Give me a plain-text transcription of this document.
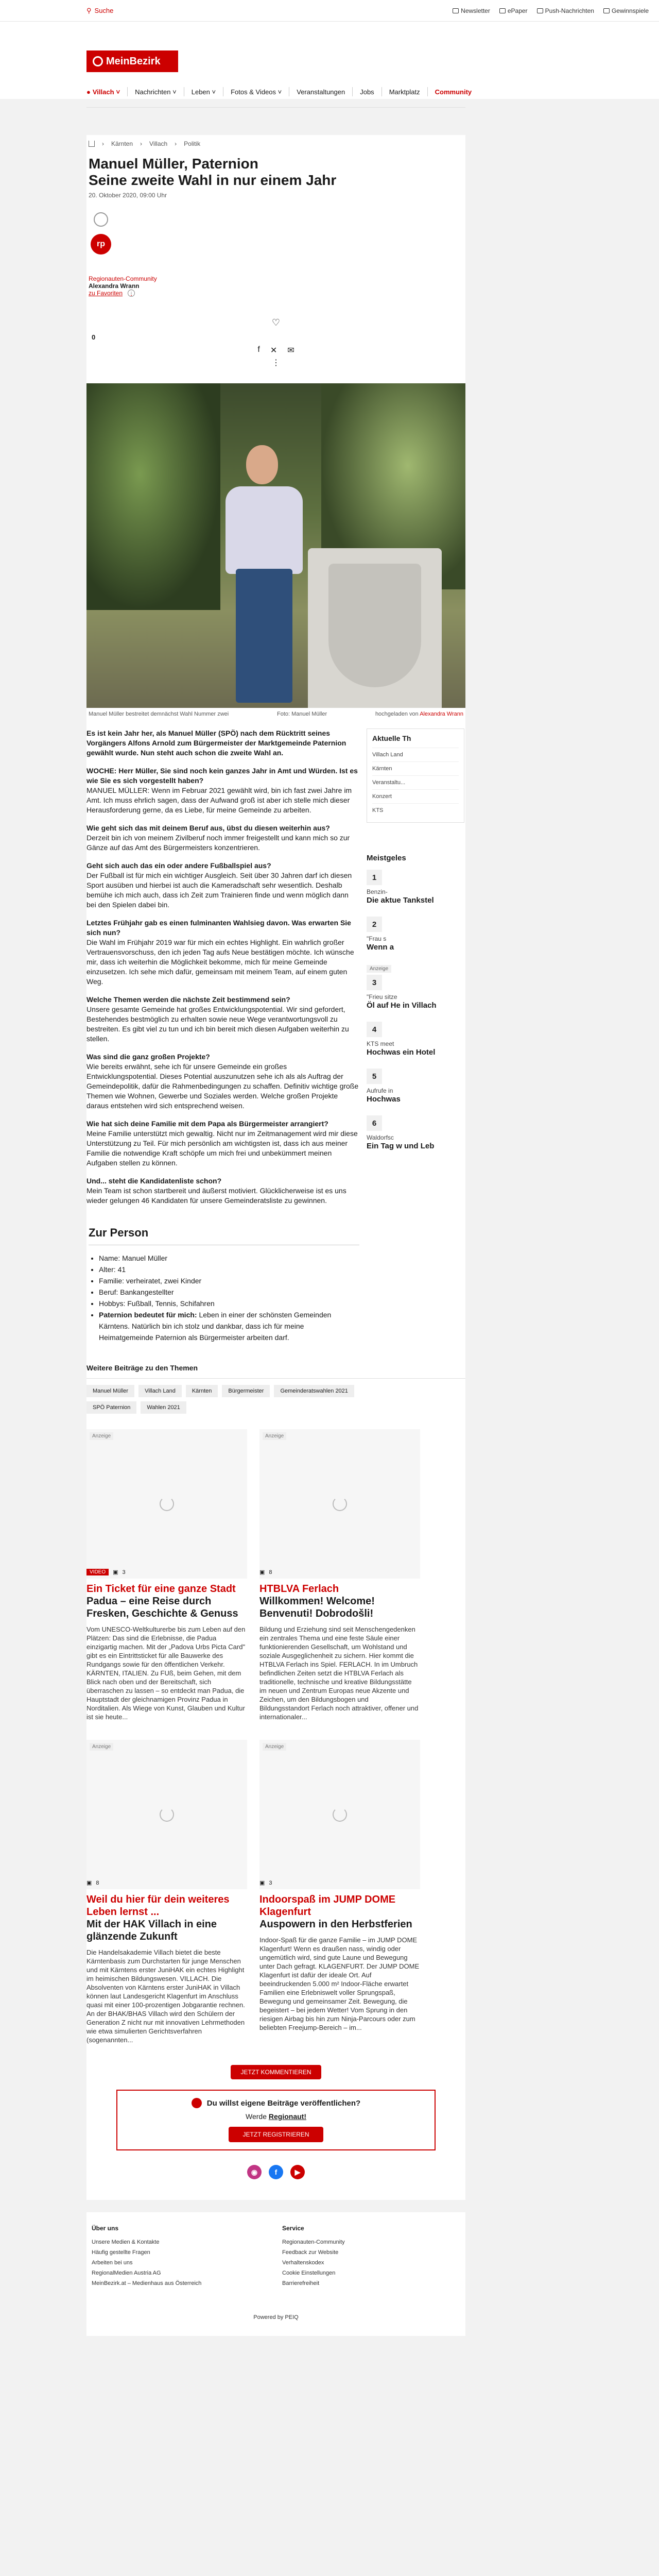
⚲ Suche	Newsletter	ePaper	Push-Nachrichten	Gewinnspiele
MeinBezirk
● Villach ˅ Nachrichten ˅ Leben ˅ Fotos & Videos ˅ Veranstaltungen Jobs Marktplatz Community
› Kärnten › Villach › Politik
Manuel Müller, Paternion
Seine zweite Wahl in nur einem Jahr
20. Oktober 2020, 09:00 Uhr
rp
Regionauten-Community
Alexandra Wrann
zu Favoriten	i
♡
0
f ✕ ✉
⋮
Manuel Müller bestreitet demnächst Wahl Nummer zwei	Foto: Manuel Müller	hochgeladen von Alexandra Wrann

Es ist kein Jahr her, als Manuel Müller (SPÖ) nach dem Rücktritt seines Vorgängers Alfons Arnold zum Bürgermeister der Marktgemeinde Paternion gewählt wurde. Nun steht auch schon die zweite Wahl an.

WOCHE: Herr Müller, Sie sind noch kein ganzes Jahr in Amt und Würden. Ist es wie Sie es sich vorgestellt haben?
MANUEL MÜLLER: Wenn im Februar 2021 gewählt wird, bin ich fast zwei Jahre im Amt. Ich muss ehrlich sagen, dass der Aufwand groß ist aber ich stelle mich dieser Herausforderung gerne, da es Liebe, für meine Gemeinde zu arbeiten.

Wie geht sich das mit deinem Beruf aus, übst du diesen weiterhin aus?
Derzeit bin ich von meinem Zivilberuf noch immer freigestellt und kann mich so zur Gänze auf das Amt des Bürgermeisters konzentrieren.

Geht sich auch das ein oder andere Fußballspiel aus?
Der Fußball ist für mich ein wichtiger Ausgleich. Seit über 30 Jahren darf ich diesen Sport ausüben und hierbei ist auch die Kameradschaft sehr wesentlich. Deshalb bemühe ich mich auch, dass ich Zeit zum Trainieren finde und wenn möglich dann bei den Spielen dabei bin.

Letztes Frühjahr gab es einen fulminanten Wahlsieg davon. Was erwarten Sie sich nun?
Die Wahl im Frühjahr 2019 war für mich ein echtes Highlight. Ein wahrlich großer Vertrauensvorschuss, den ich jeden Tag aufs Neue bestätigen möchte. Ich wünsche mir, dass ich weiterhin die Möglichkeit bekomme, mich für meine Gemeinde einzusetzen. Ich sehe mich dafür, gemeinsam mit meinem Team, auf einem guten Weg.

Welche Themen werden die nächste Zeit bestimmend sein?
Unsere gesamte Gemeinde hat großes Entwicklungspotential. Wir sind gefordert, Bestehendes bestmöglich zu erhalten sowie neue Wege verantwortungsvoll zu bestreiten. Es gibt viel zu tun und ich bin bereit mich diesen Aufgaben weiterhin zu stellen.

Was sind die ganz großen Projekte?
Wie bereits erwähnt, sehe ich für unsere Gemeinde ein großes Entwicklungspotential. Dieses Potential auszunutzen sehe ich als als Auftrag der Gemeindepolitik, dafür die Rahmenbedingungen zu schaffen. Definitiv wichtige große Themen wie Wohnen, Gewerbe und Soziales werden. Welche großen Projekte daraus entstehen wird sich entsprechend weisen.

Wie hat sich deine Familie mit dem Papa als Bürgermeister arrangiert?
Meine Familie unterstützt mich gewaltig. Nicht nur im Zeitmanagement wird mir diese Unterstützung zu Teil. Für mich persönlich am wichtigsten ist, dass ich aus meiner Familie die notwendige Kraft schöpfe um mich frei und unbekümmert meinen Aufgaben stellen zu können.

Und... steht die Kandidatenliste schon?
Mein Team ist schon startbereit und äußerst motiviert. Glücklicherweise ist es uns wieder gelungen 46 Kandidaten für unsere Gemeinderatsliste zu gewinnen.

Zur Person
• Name: Manuel Müller
• Alter: 41
• Familie: verheiratet, zwei Kinder
• Beruf: Bankangestellter
• Hobbys: Fußball, Tennis, Schifahren
• Paternion bedeutet für mich: Leben in einer der schönsten Gemeinden Kärntens. Natürlich bin ich stolz und dankbar, dass ich für meine Heimatgemeinde Paternion als Bürgermeister arbeiten darf.
Aktuelle Th
Villach Land
Kärnten
Veranstaltu...
Konzert
KTS
Meistgeles
1
Benzin-
Die aktue Tankstel
2
"Frau s
Wenn a
Anzeige
3
"Frieu sitze
Öl auf He in Villach
4
KTS meet
Hochwas ein Hotel
5
Aufrufe in
Hochwas
6
Waldorfsc
Ein Tag w und Leb
Weitere Beiträge zu den Themen
Manuel Müller	Villach Land	Kärnten	Bürgermeister	Gemeinderatswahlen 2021
SPÖ Paternion	Wahlen 2021
Anzeige
VIDEO	▣ 3
Ein Ticket für eine ganze Stadt
Padua – eine Reise durch Fresken, Geschichte & Genuss
Vom UNESCO-Weltkulturerbe bis zum Leben auf den Plätzen: Das sind die Erlebnisse, die Padua einzigartig machen. Mit der „Padova Urbs Picta Card" gibt es ein Eintrittsticket für alle Bauwerke des Rundgangs sowie für den öffentlichen Verkehr. KÄRNTEN, ITALIEN. Zu FUß, beim Gehen, mit dem Blick nach oben und der Bereitschaft, sich überraschen zu lassen – so entdeckt man Padua, die Hauptstadt der gleichnamigen Provinz Padua in Norditalien. Als Wiege von Kunst, Glauben und Kultur ist sie heute...
Anzeige
▣ 8
HTBLVA Ferlach
Willkommen! Welcome! Benvenuti! Dobrodošli!
Bildung und Erziehung sind seit Menschengedenken ein zentrales Thema und eine feste Säule einer funktionierenden Gesellschaft, um Wohlstand und soziale Ausgeglichenheit zu sichern. Hier kommt die HTBLVA Ferlach ins Spiel. FERLACH. In im Umbruch befindlichen Zeiten setzt die HTBLVA Ferlach als traditionelle, technische und kreative Bildungsstätte im neuen und Zentrum Europas neue Akzente und Zeichen, um den Bildungsbogen und Bildungsstandort Ferlach noch attraktiver, offener und internationaler...
Anzeige
▣ 8
Weil du hier für dein weiteres Leben lernst ...
Mit der HAK Villach in eine glänzende Zukunft
Die Handelsakademie Villach bietet die beste Kärntenbasis zum Durchstarten für junge Menschen und mit Kärntens erster JuniHAK ein echtes Highlight im heimischen Bildungswesen. VILLACH. Die Absolventen von Kärntens erster JuniHAK in Villach können laut Landesgericht Klagenfurt im Anschluss quasi mit einer 100-prozentigen Jobgarantie rechnen. An der BHAK/BHAS Villach wird den Schülern der Generation Z nicht nur mit innovativen Lehrmethoden wie etwa simulierten Gerichtsverfahren (sogenannten...
Anzeige
▣ 3
Indoorspaß im JUMP DOME Klagenfurt
Auspowern in den Herbstferien
Indoor-Spaß für die ganze Familie – im JUMP DOME Klagenfurt! Wenn es draußen nass, windig oder ungemütlich wird, sind gute Laune und Bewegung unter Dach gefragt. KLAGENFURT. Der JUMP DOME Klagenfurt ist dafür der ideale Ort. Auf beeindruckenden 5.000 m² Indoor-Fläche erwartet Familien eine Erlebniswelt voller Sprungspaß, Bewegung und gemeinsamer Zeit. Bewegung, die begeistert – bei jedem Wetter! Vom Sprung in den riesigen Airbag bis hin zum Ninja-Parcours oder zum beliebten Freejump-Bereich – im...
JETZT KOMMENTIEREN
Du willst eigene Beiträge veröffentlichen?
Werde Regionaut!
JETZT REGISTRIEREN
◉	f	▶
Über uns
Unsere Medien & Kontakte
Häufig gestellte Fragen
Arbeiten bei uns
RegionalMedien Austria AG
MeinBezirk.at – Medienhaus aus Österreich
Service
Regionauten-Community
Feedback zur Website
Verhaltenskodex
Cookie Einstellungen
Barrierefreiheit
Powered by PEIQ
